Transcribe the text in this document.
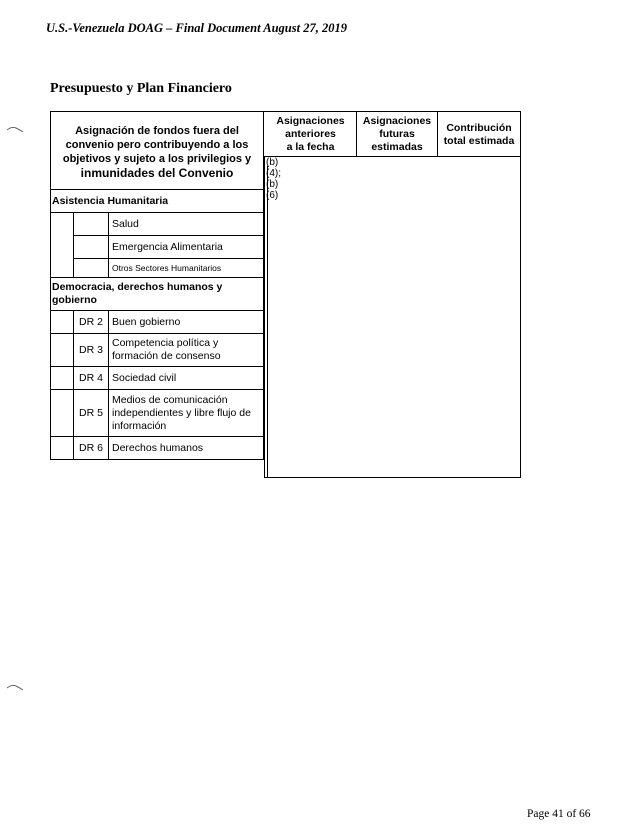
U.S.-Venezuela DOAG – Final Document August 27, 2019
Presupuesto y Plan Financiero
Asignación de fondos fuera del
convenio pero contribuyendo a los
objetivos y sujeto a los privilegios y
inmunidades del Convenio
Asignaciones
anteriores
a la fecha
Asignaciones
futuras
estimadas
Contribución
total estimada
(b)(4); (b)(6)
Asistencia Humanitaria
Salud
Emergencia Alimentaria
Otros Sectores Humanitarios
Democracia, derechos humanos y
gobierno
DR 2 Buen gobierno
DR 3
Competencia política y
formación de consenso
DR 4 Sociedad civil
DR 5
Medios de comunicación
independientes y libre flujo de
información
DR 6 Derechos humanos
Page 41 of 66
